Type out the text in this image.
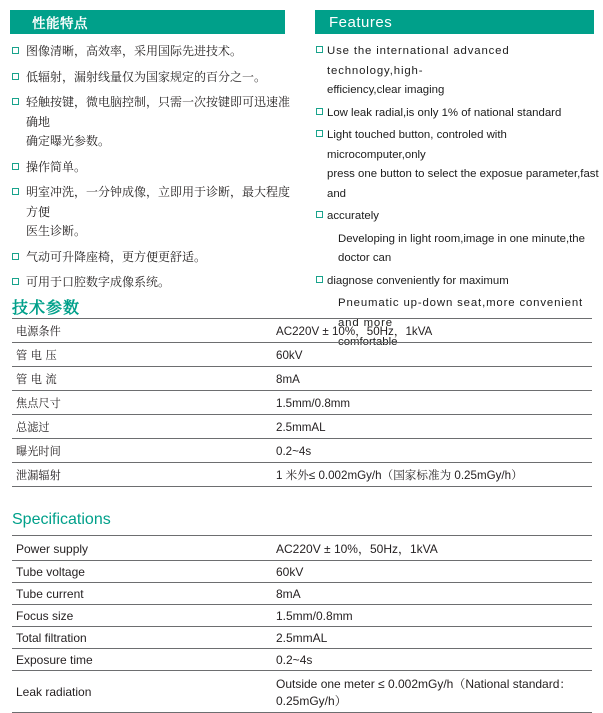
性能特点	Features
图像清晰，高效率，采用国际先进技术。
低辐射，漏射线量仅为国家规定的百分之一。
轻触按键，微电脑控制，只需一次按键即可迅速准确地
确定曝光参数。
操作简单。
明室冲洗，一分钟成像，立即用于诊断，最大程度方便
医生诊断。
气动可升降座椅，更方便更舒适。
可用于口腔数字成像系统。
Use the international advanced technology,high-
efficiency,clear imaging
Low leak radial,is only 1% of national standard
Light touched button, controled with microcomputer,only
press one button to select the exposue parameter,fast and
accurately
Developing in light room,image in one minute,the doctor can
diagnose conveniently for maximum
Pneumatic up-down seat,more convenient and more
comfortable
技术参数
电源条件	AC220V ± 10%，50Hz，1kVA
管 电 压	60kV
管 电 流	8mA
焦点尺寸	1.5mm/0.8mm
总滤过	2.5mmAL
曝光时间	0.2~4s
泄漏辐射	1 米外≤ 0.002mGy/h（国家标准为 0.25mGy/h）
Specifications
Power supply	AC220V ± 10%，50Hz，1kVA
Tube voltage	60kV
Tube current	8mA
Focus size	1.5mm/0.8mm
Total filtration	2.5mmAL
Exposure time	0.2~4s
Leak radiation	Outside one meter ≤ 0.002mGy/h（National standard：0.25mGy/h）
